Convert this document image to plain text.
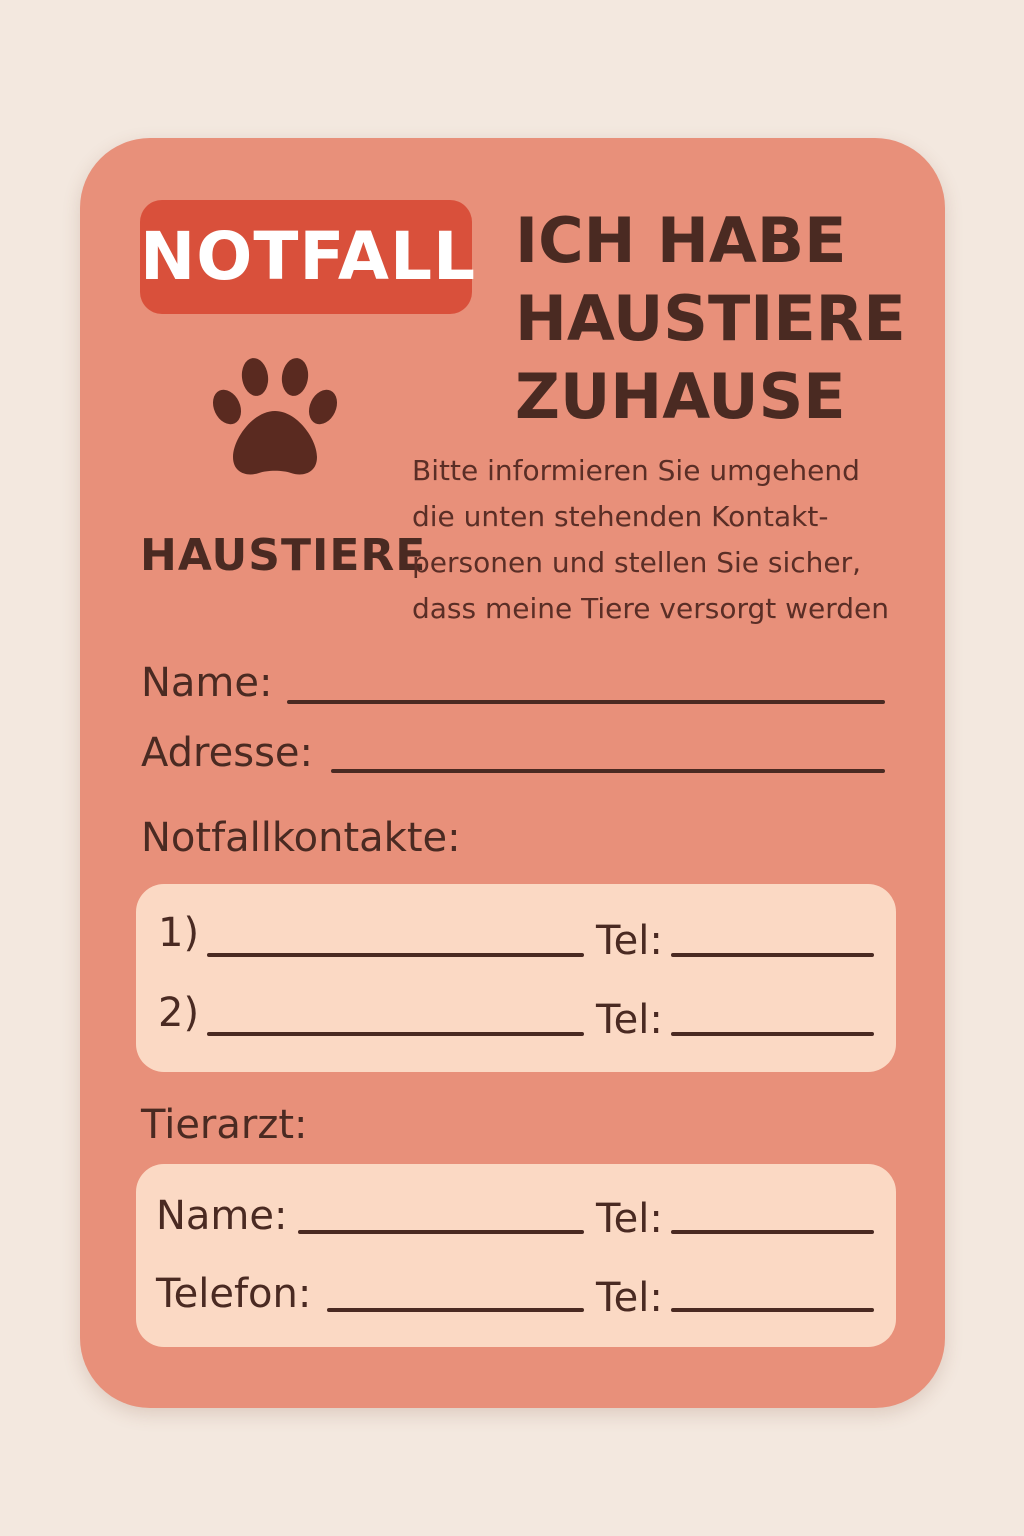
NOTFALL
HAUSTIERE
ICH HABE
HAUSTIERE
ZUHAUSE
Bitte informieren Sie umgehend
die unten stehenden Kontakt-
personen und stellen Sie sicher,
dass meine Tiere versorgt werden
Name:
Adresse:
Notfallkontakte:
1)	Tel:
2)	Tel:
Tierarzt:
Name:	Tel:
Telefon:	Tel:
